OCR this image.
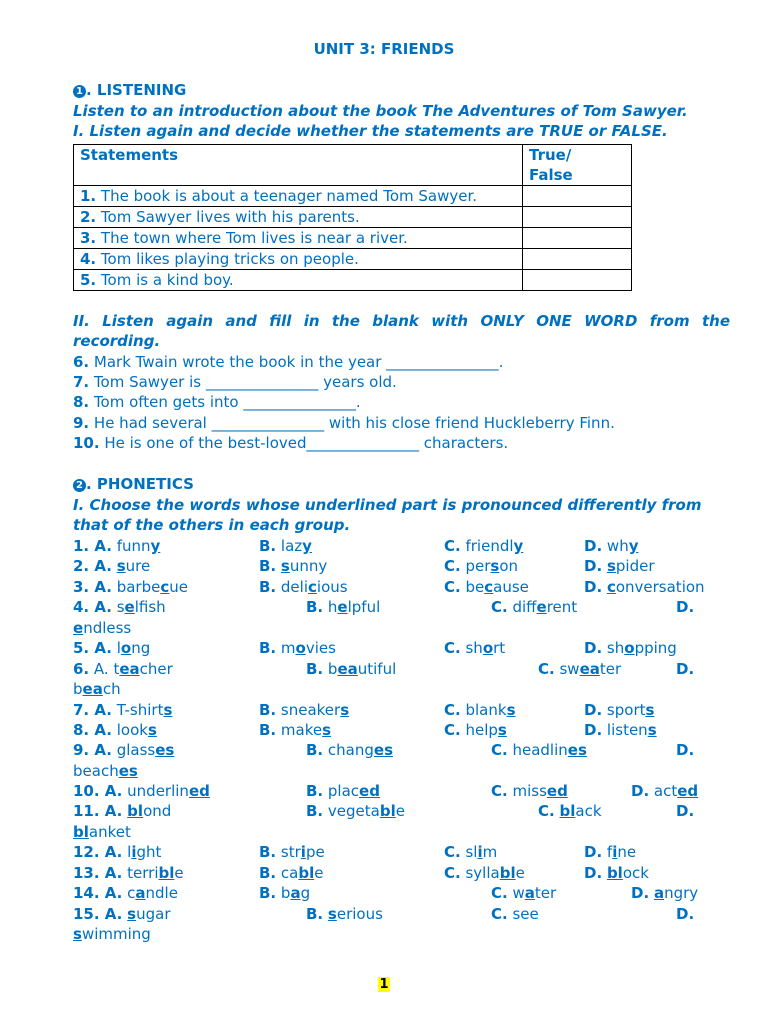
UNIT 3: FRIENDS
1 . LISTENING
Listen to an introduction about the book The Adventures of Tom Sawyer.
I. Listen again and decide whether the statements are TRUE or FALSE.
Statements	True/
False
1. The book is about a teenager named Tom Sawyer.	
2. Tom Sawyer lives with his parents.	
3. The town where Tom lives is near a river.	
4. Tom likes playing tricks on people.	
5. Tom is a kind boy.	
II. Listen again and fill in the blank with ONLY ONE WORD from the
recording.
6. Mark Twain wrote the book in the year _______________.
7. Tom Sawyer is _______________ years old.
8. Tom often gets into _______________.
9. He had several _______________ with his close friend Huckleberry Finn.
10. He is one of the best-loved_______________ characters.
2 . PHONETICS
I. Choose the words whose underlined part is pronounced differently from
that of the others in each group.
1. A. funny	B. lazy	C. friendly	D. why
2. A. sure	B. sunny	C. person	D. spider
3. A. barbecue	B. delicious	C. because	D. conversation
4. A. selfish	B. helpful	C. different	D.
endless
5. A. long	B. movies	C. short	D. shopping
6. A. teacher	B. beautiful	C. sweater	D.
beach
7. A. T-shirts	B. sneakers	C. blanks	D. sports
8. A. looks	B. makes	C. helps	D. listens
9. A. glasses	B. changes	C. headlines	D.
beaches
10. A. underlined	B. placed	C. missed	D. acted
11. A. blond	B. vegetable	C. black	D.
blanket
12. A. light	B. stripe	C. slim	D. fine
13. A. terrible	B. cable	C. syllable	D. block
14. A. candle	B. bag	C. water	D. angry
15. A. sugar	B. serious	C. see	D.
swimming
1
